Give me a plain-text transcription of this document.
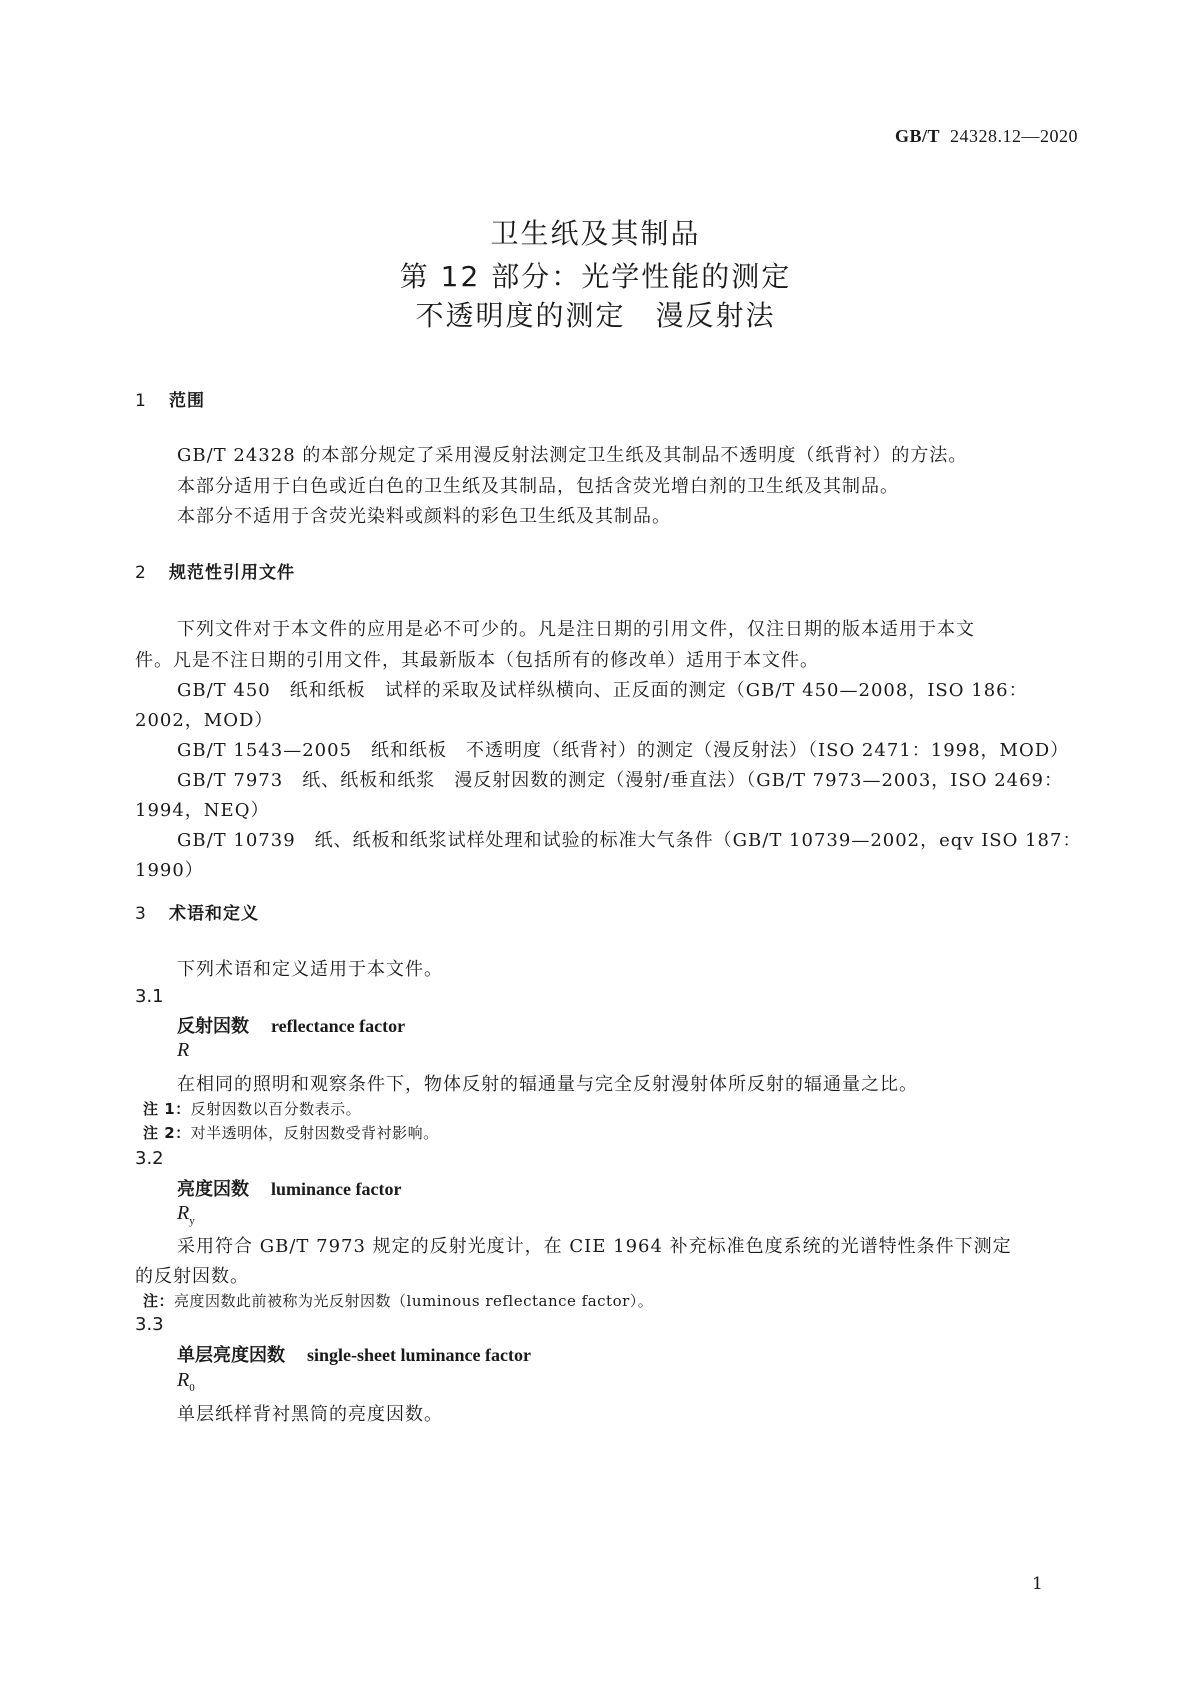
GB/T 24328.12—2020
卫生纸及其制品
第 12 部分：光学性能的测定
不透明度的测定　漫反射法
1 范围
GB/T 24328 的本部分规定了采用漫反射法测定卫生纸及其制品不透明度（纸背衬）的方法。
本部分适用于白色或近白色的卫生纸及其制品，包括含荧光增白剂的卫生纸及其制品。
本部分不适用于含荧光染料或颜料的彩色卫生纸及其制品。
2 规范性引用文件
下列文件对于本文件的应用是必不可少的。凡是注日期的引用文件，仅注日期的版本适用于本文
件。凡是不注日期的引用文件，其最新版本（包括所有的修改单）适用于本文件。
GB/T 450　纸和纸板　试样的采取及试样纵横向、正反面的测定（GB/T 450—2008，ISO 186：
2002，MOD）
GB/T 1543—2005　纸和纸板　不透明度（纸背衬）的测定（漫反射法）（ISO 2471：1998，MOD）
GB/T 7973　纸、纸板和纸浆　漫反射因数的测定（漫射/垂直法）（GB/T 7973—2003，ISO 2469：
1994，NEQ）
GB/T 10739　纸、纸板和纸浆试样处理和试验的标准大气条件（GB/T 10739—2002，eqv ISO 187：
1990）
3 术语和定义
下列术语和定义适用于本文件。
3.1
反射因数 reflectance factor
R
在相同的照明和观察条件下，物体反射的辐通量与完全反射漫射体所反射的辐通量之比。
注 1：反射因数以百分数表示。
注 2：对半透明体，反射因数受背衬影响。
3.2
亮度因数 luminance factor
$R_y$
采用符合 GB/T 7973 规定的反射光度计，在 CIE 1964 补充标准色度系统的光谱特性条件下测定
的反射因数。
注：亮度因数此前被称为光反射因数（luminous reflectance factor）。
3.3
单层亮度因数 single-sheet luminance factor
$R_0$
单层纸样背衬黑筒的亮度因数。
1
